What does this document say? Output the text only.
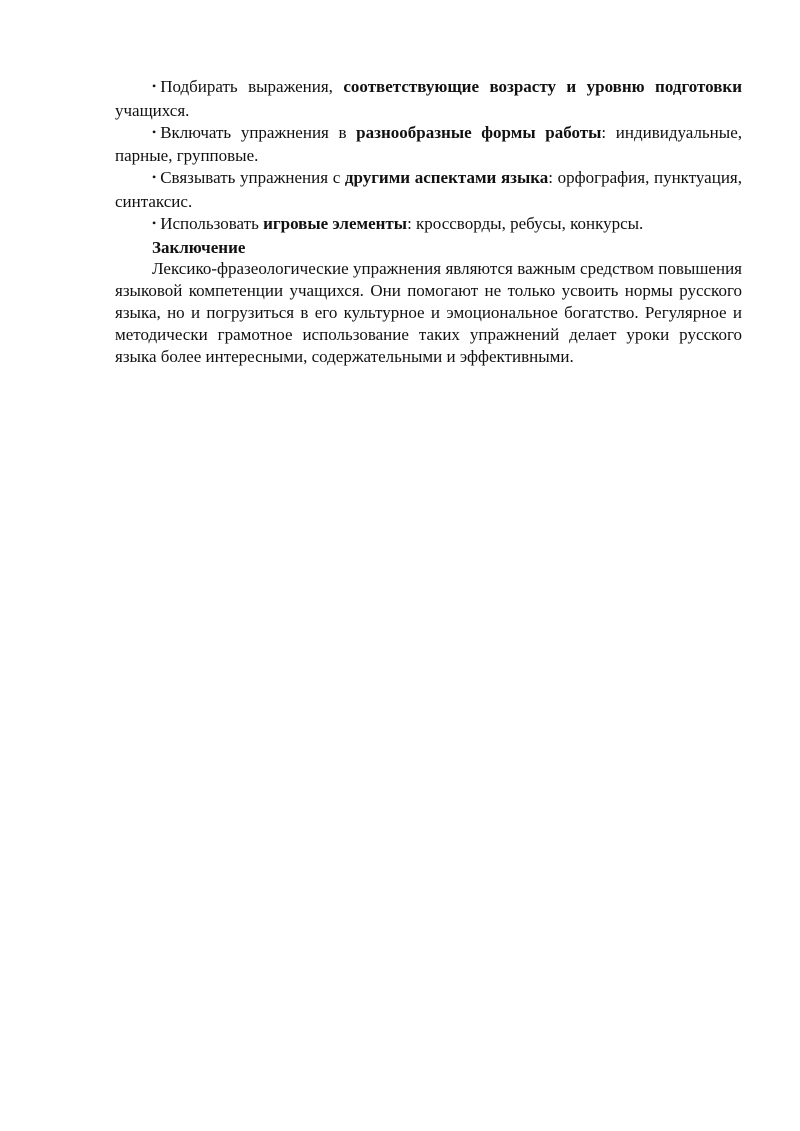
• Подбирать выражения, соответствующие возрасту и уровню подготовки учащихся.

• Включать упражнения в разнообразные формы работы: индивидуальные, парные, групповые.

• Связывать упражнения с другими аспектами языка: орфография, пунктуация, синтаксис.

• Использовать игровые элементы: кроссворды, ребусы, конкурсы.

Заключение

Лексико-фразеологические упражнения являются важным средством повышения языковой компетенции учащихся. Они помогают не только усвоить нормы русского языка, но и погрузиться в его культурное и эмоциональное богатство. Регулярное и методически грамотное использование таких упражнений делает уроки русского языка более интересными, содержательными и эффективными.
